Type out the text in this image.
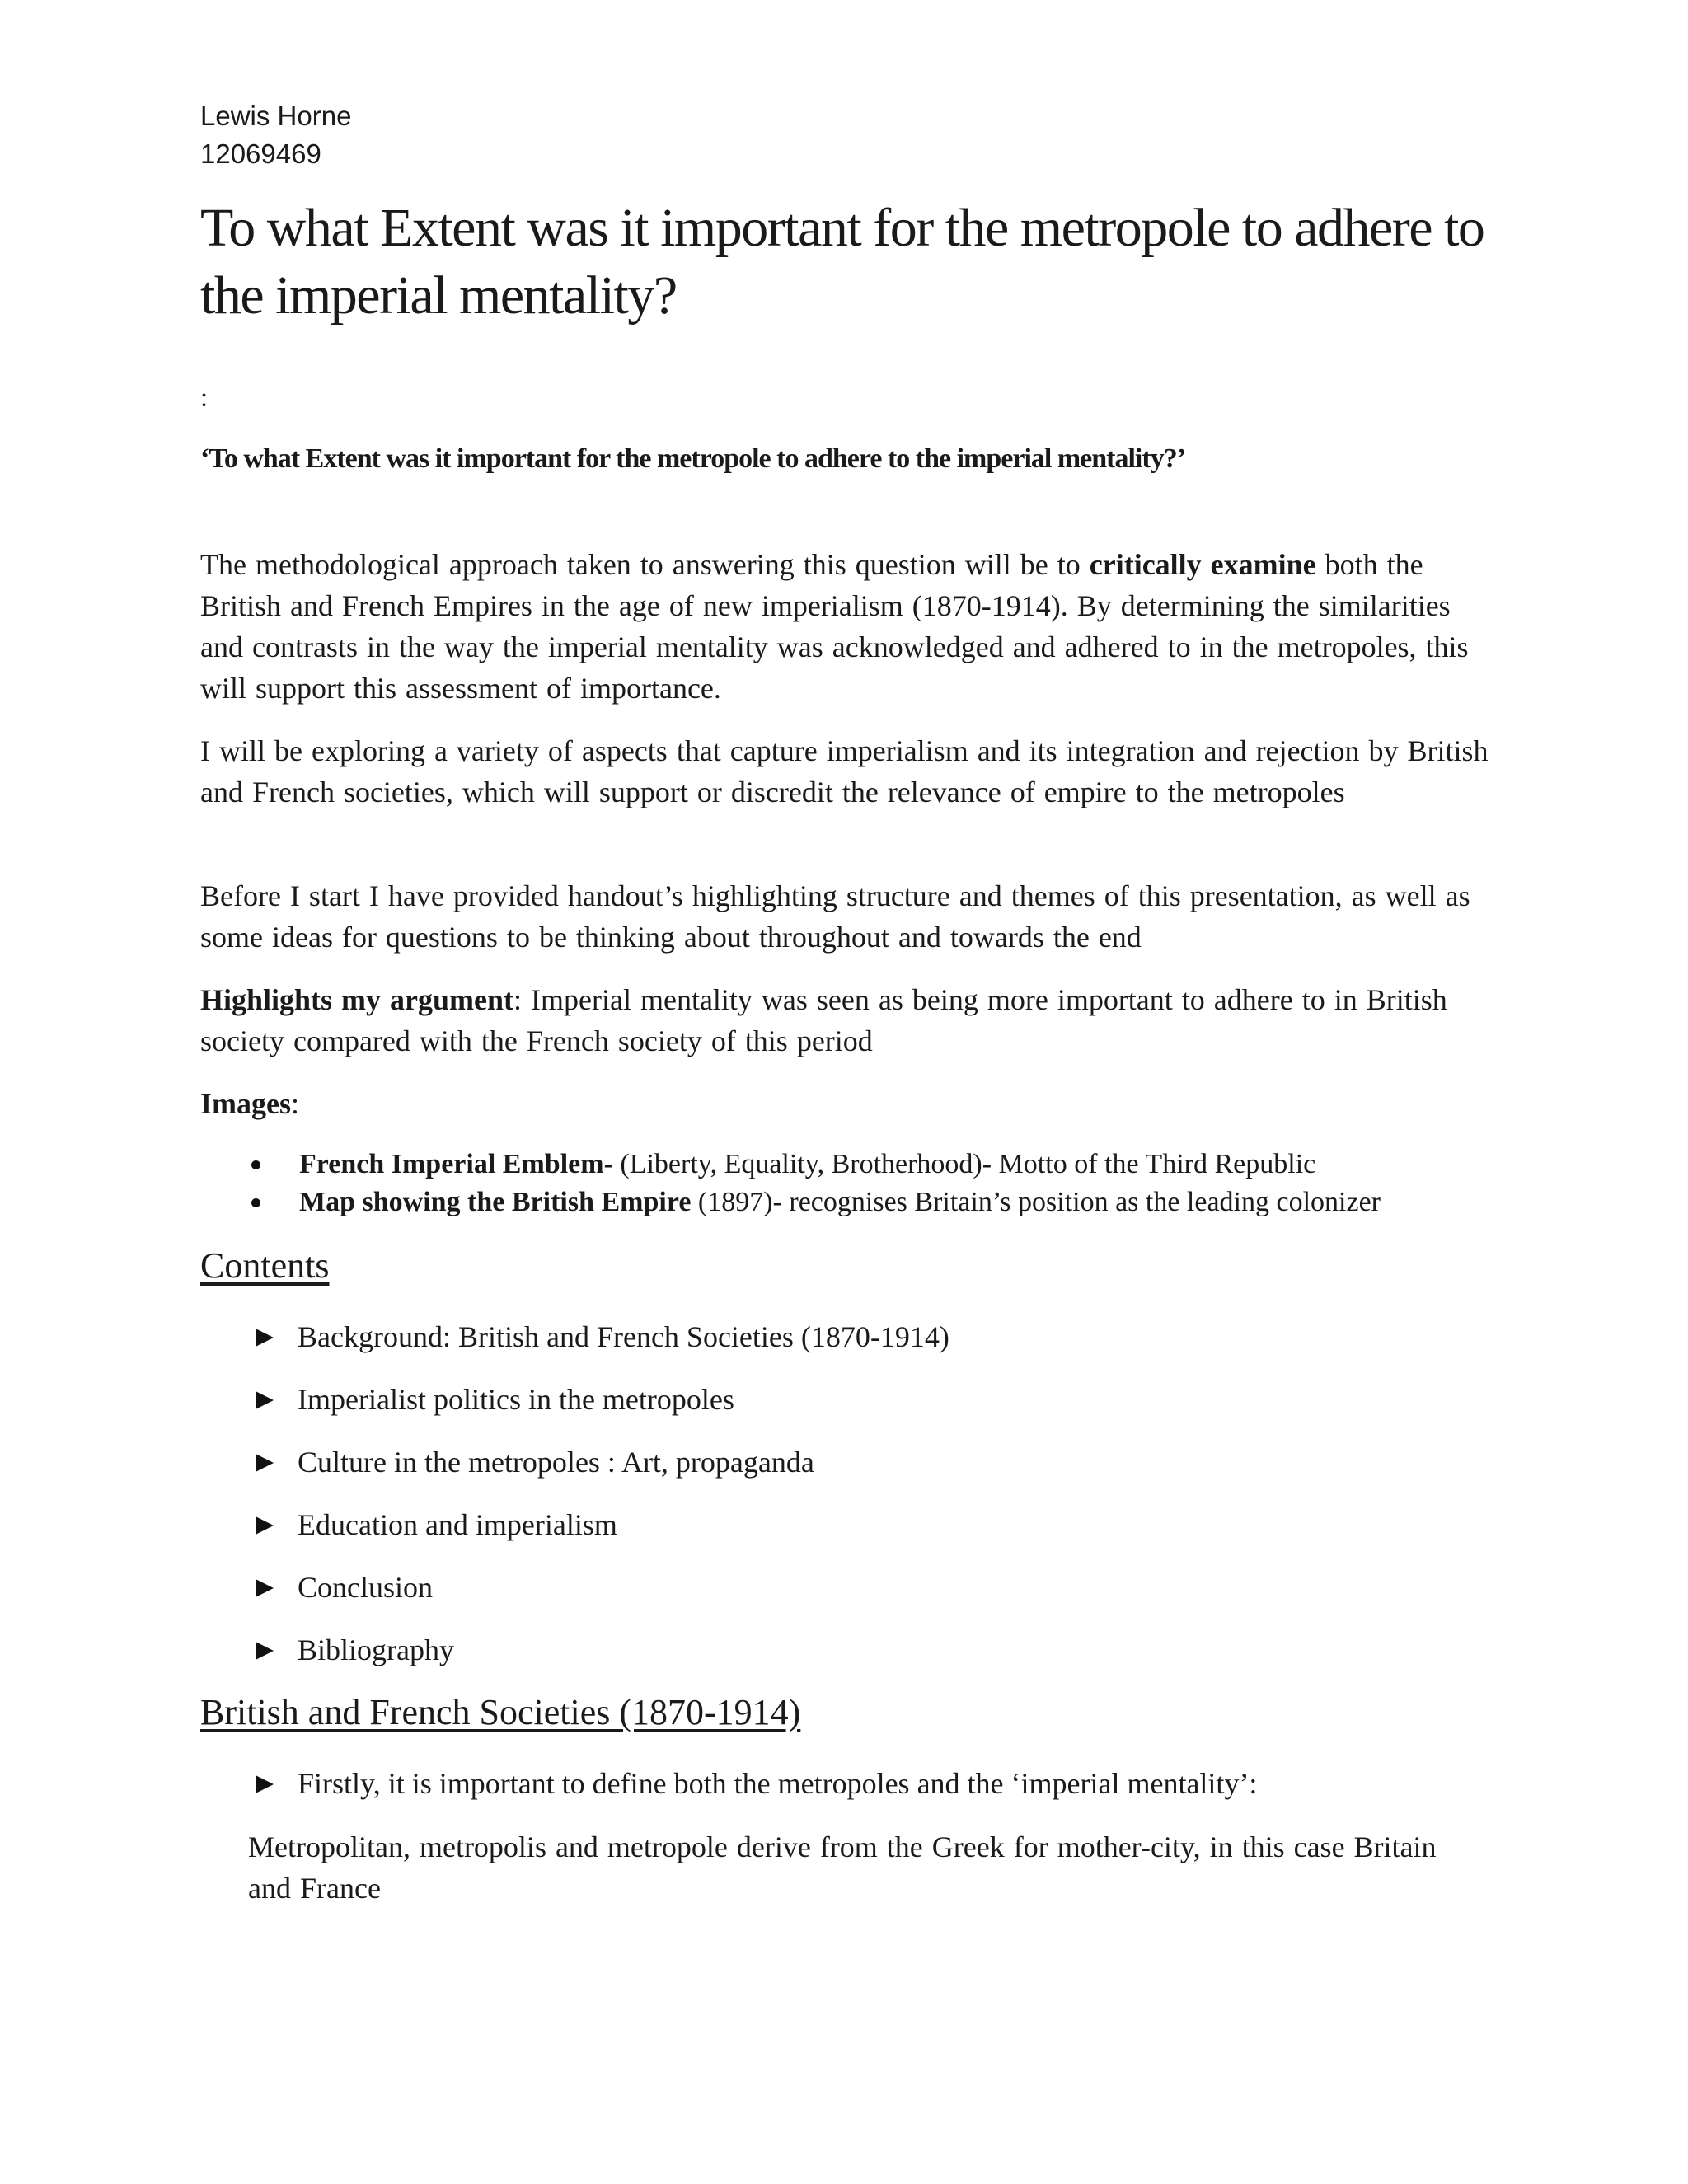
Lewis Horne
12069469
To what Extent was it important for the metropole to adhere to the imperial mentality?
:
‘To what Extent was it important for the metropole to adhere to the imperial mentality?’
The methodological approach taken to answering this question will be to critically examine both the British and French Empires in the age of new imperialism (1870-1914). By determining the similarities and contrasts in the way the imperial mentality was acknowledged and adhered to in the metropoles, this will support this assessment of importance.
I will be exploring a variety of aspects that capture imperialism and its integration and rejection by British and French societies, which will support or discredit the relevance of empire to the metropoles
Before I start I have provided handout’s highlighting structure and themes of this presentation, as well as some ideas for questions to be thinking about throughout and towards the end
Highlights my argument: Imperial mentality was seen as being more important to adhere to in British society compared with the French society of this period
Images:
French Imperial Emblem- (Liberty, Equality, Brotherhood)- Motto of the Third Republic
Map showing the British Empire (1897)- recognises Britain’s position as the leading colonizer
Contents
Background: British and French Societies (1870-1914)
Imperialist politics in the metropoles
Culture in the metropoles : Art, propaganda
Education and imperialism
Conclusion
Bibliography
British and French Societies (1870-1914)
Firstly, it is important to define both the metropoles and the ‘imperial mentality’:
Metropolitan, metropolis and metropole derive from the Greek for mother-city, in this case Britain and France
